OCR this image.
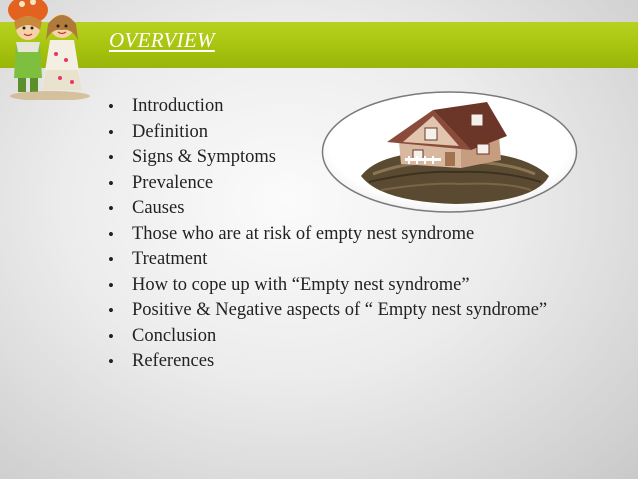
OVERVIEW
• Introduction
• Definition
• Signs & Symptoms
• Prevalence
• Causes
• Those who are at risk of empty nest syndrome
• Treatment
• How to cope up with “Empty nest syndrome”
• Positive & Negative aspects of “ Empty nest syndrome”
• Conclusion
• References
